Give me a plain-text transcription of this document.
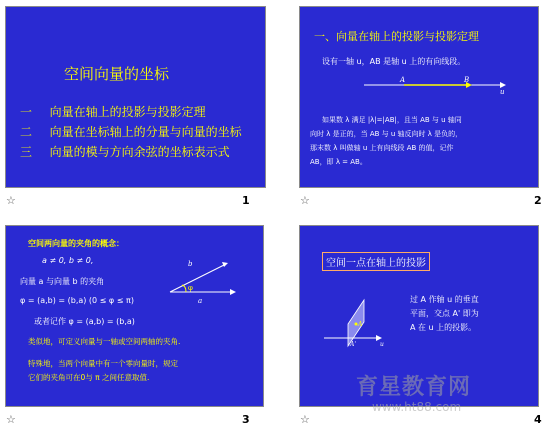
空间向量的坐标
一 向量在轴上的投影与投影定理
二 向量在坐标轴上的分量与向量的坐标
三 向量的模与方向余弦的坐标表示式
☆	1
一、向量在轴上的投影与投影定理
设有一轴 u，AB 是轴 u 上的有向线段。
A	B
u
如果数 λ 满足 |λ|=|AB|，且当 AB 与 u 轴同
向时 λ 是正的，当 AB 与 u 轴反向时 λ 是负的，
那末数 λ 叫做轴 u 上有向线段 AB 的值，记作
AB，即 λ = AB。
☆	2
空间两向量的夹角的概念：
a ≠ 0, b ≠ 0,
向量 a 与向量 b 的夹角
φ = (a,b) = (b,a) (0 ≤ φ ≤ π)
或者记作 φ = (a,b) = (b,a)
类似地，可定义向量与一轴或空间两轴的夹角.
特殊地，当两个向量中有一个零向量时，规定
它们的夹角可在0与 π 之间任意取值.
b
a
φ
☆	3
空间一点在轴上的投影
过 A 作轴 u 的垂直
平面，交点 A' 即为
A 在 u 上的投影。
A
A'	u
☆	4
育星教育网
www.ht88.com
